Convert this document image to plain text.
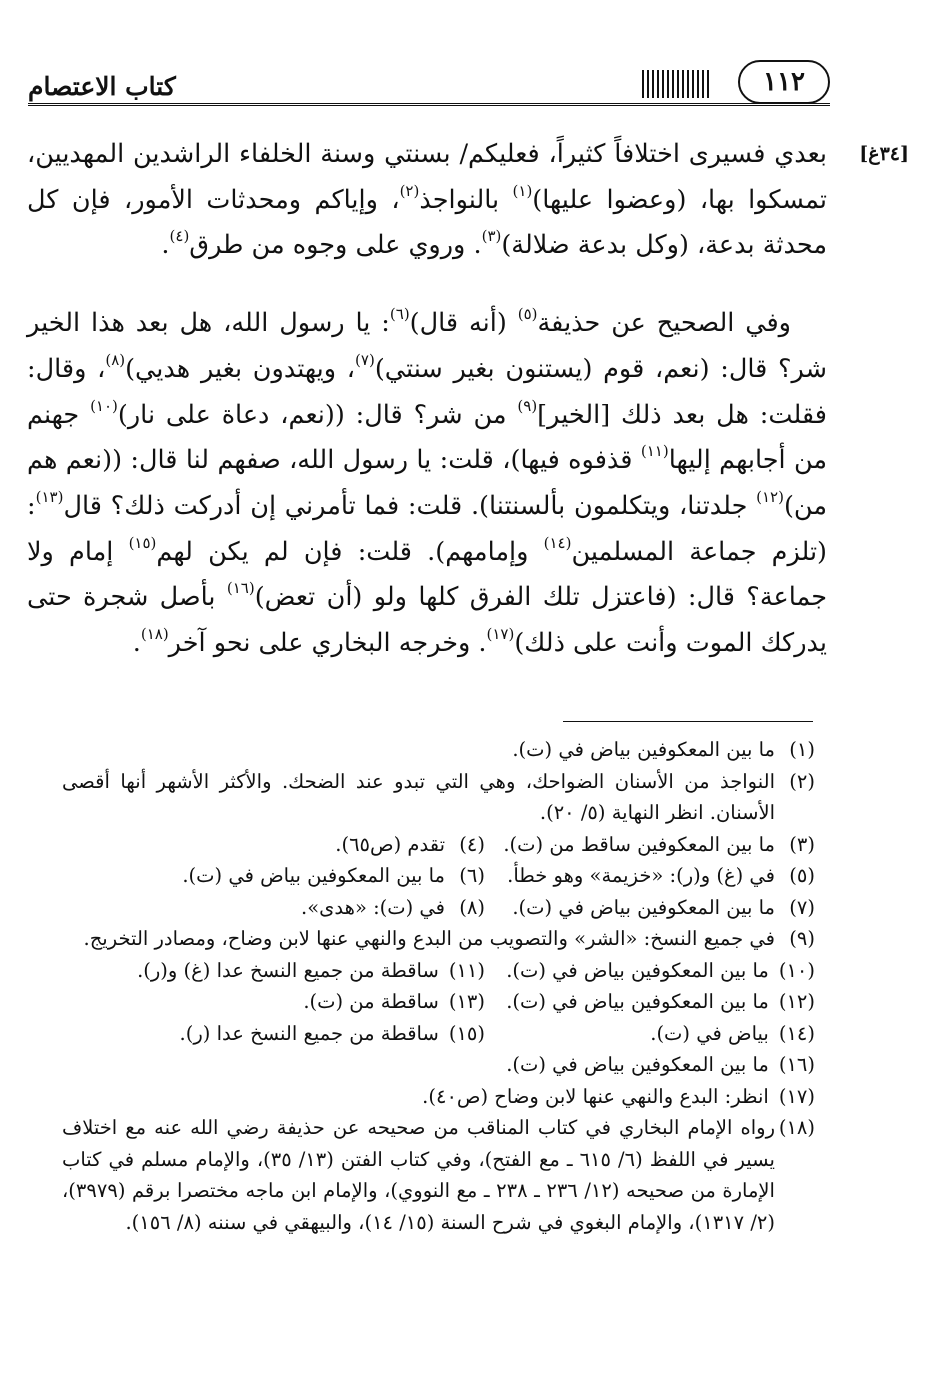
١١٢
كتاب الاعتصام
[٣٤غ]

بعدي فسيرى اختلافاً كثيراً، فعليكم/ بسنتي وسنة الخلفاء الراشدين المهديين، تمسكوا بها، (وعضوا عليها)$^{(١)}$ بالنواجذ$^{(٢)}$، وإياكم ومحدثات الأمور، فإن كل محدثة بدعة، (وكل بدعة ضلالة)$^{(٣)}$. وروي على وجوه من طرق$^{(٤)}$.

وفي الصحيح عن حذيفة$^{(٥)}$ (أنه قال)$^{(٦)}$: يا رسول الله، هل بعد هذا الخير شر؟ قال: (نعم، قوم (يستنون بغير سنتي)$^{(٧)}$، ويهتدون بغير هديي)$^{(٨)}$، وقال: فقلت: هل بعد ذلك [الخير]$^{(٩)}$ من شر؟ قال: ((نعم، دعاة على نار)$^{(١٠)}$ جهنم من أجابهم إليها$^{(١١)}$ قذفوه فيها)، قلت: يا رسول الله، صفهم لنا قال: ((نعم هم من)$^{(١٢)}$ جلدتنا، ويتكلمون بألسنتنا). قلت: فما تأمرني إن أدركت ذلك؟ قال$^{(١٣)}$: (تلزم جماعة المسلمين$^{(١٤)}$ وإمامهم). قلت: فإن لم يكن لهم$^{(١٥)}$ إمام ولا جماعة؟ قال: (فاعتزل تلك الفرق كلها ولو (أن تعض)$^{(١٦)}$ بأصل شجرة حتى يدركك الموت وأنت على ذلك)$^{(١٧)}$. وخرجه البخاري على نحو آخر$^{(١٨)}$.

(١)
ما بين المعكوفين بياض في (ت).
(٢)
النواجذ من الأسنان الضواحك، وهي التي تبدو عند الضحك. والأكثر الأشهر أنها أقصى الأسنان. انظر النهاية (٥/ ٢٠).
(٣)ما بين المعكوفين ساقط من (ت).
(٤)تقدم (ص٦٥).
(٥)في (غ) و(ر): «خزيمة» وهو خطأ.
(٦)ما بين المعكوفين بياض في (ت).
(٧)ما بين المعكوفين بياض في (ت).
(٨)في (ت): «هدى».
(٩)
في جميع النسخ: «الشر» والتصويب من البدع والنهي عنها لابن وضاح، ومصادر التخريج.
(١٠)ما بين المعكوفين بياض في (ت).
(١١)ساقطة من جميع النسخ عدا (غ) و(ر).
(١٢)ما بين المعكوفين بياض في (ت).
(١٣)ساقطة من (ت).
(١٤)بياض في (ت).
(١٥)ساقطة من جميع النسخ عدا (ر).
(١٦)
ما بين المعكوفين بياض في (ت).
(١٧)
انظر: البدع والنهي عنها لابن وضاح (ص٤٠).
(١٨)
رواه الإمام البخاري في كتاب المناقب من صحيحه عن حذيفة رضي الله عنه مع اختلاف يسير في اللفظ (٦/ ٦١٥ ـ مع الفتح)، وفي كتاب الفتن (١٣/ ٣٥)، والإمام مسلم في كتاب الإمارة من صحيحه (١٢/ ٢٣٦ ـ ٢٣٨ ـ مع النووي)، والإمام ابن ماجه مختصرا برقم (٣٩٧٩)، (٢/ ١٣١٧)، والإمام البغوي في شرح السنة (١٥/ ١٤)، والبيهقي في سننه (٨/ ١٥٦).
